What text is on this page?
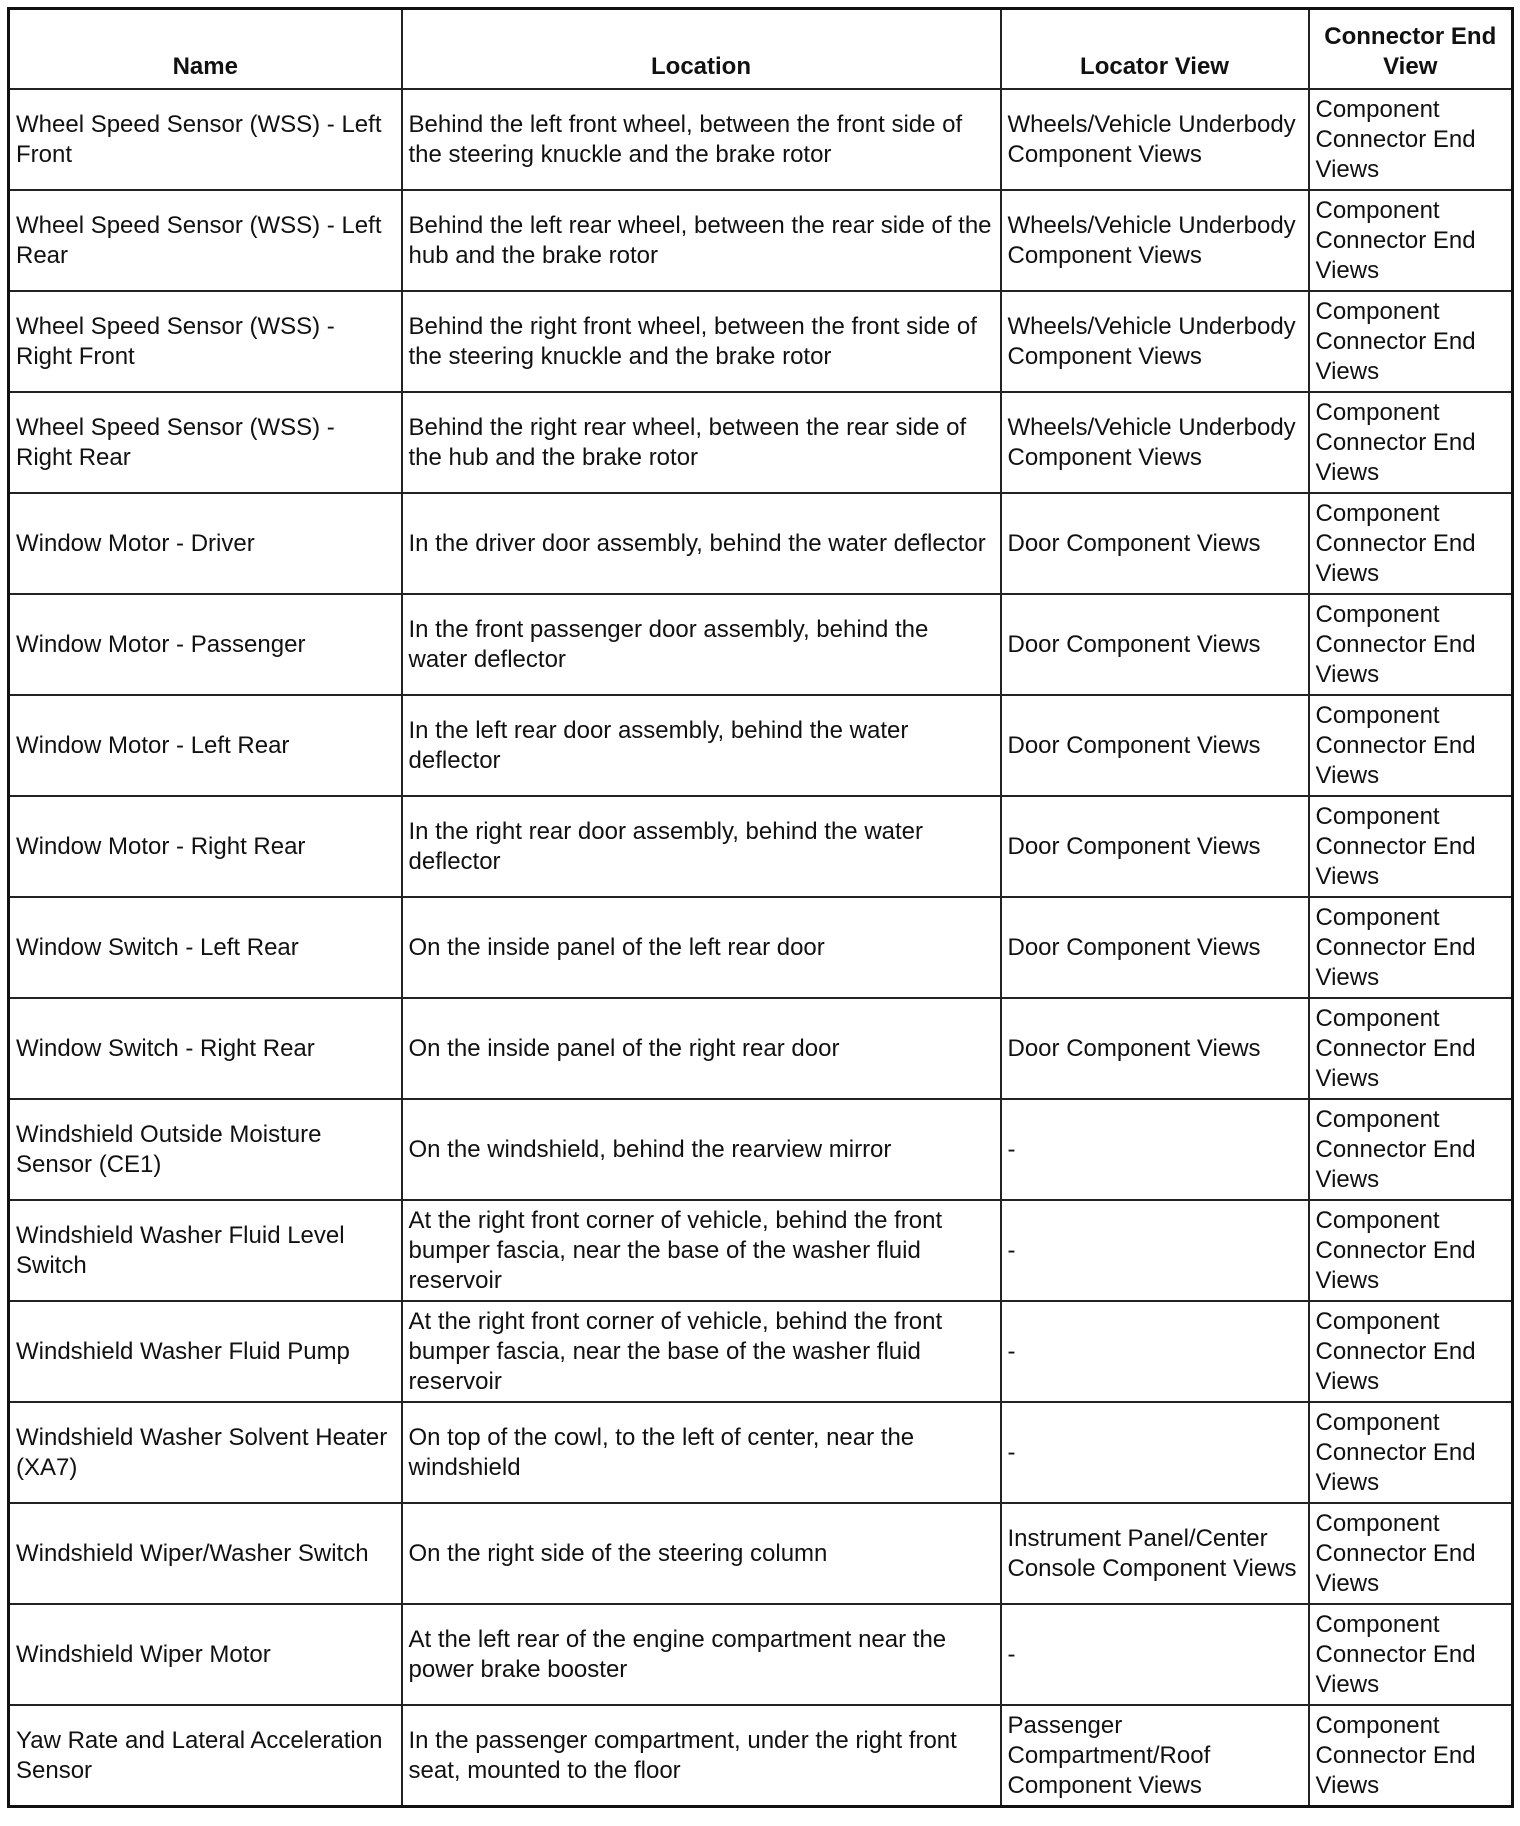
Name	Location	Locator View	Connector End View
Wheel Speed Sensor (WSS) - Left Front	Behind the left front wheel, between the front side of the steering knuckle and the brake rotor	Wheels/Vehicle Underbody Component Views	Component Connector End Views
Wheel Speed Sensor (WSS) - Left Rear	Behind the left rear wheel, between the rear side of the hub and the brake rotor	Wheels/Vehicle Underbody Component Views	Component Connector End Views
Wheel Speed Sensor (WSS) - Right Front	Behind the right front wheel, between the front side of the steering knuckle and the brake rotor	Wheels/Vehicle Underbody Component Views	Component Connector End Views
Wheel Speed Sensor (WSS) - Right Rear	Behind the right rear wheel, between the rear side of the hub and the brake rotor	Wheels/Vehicle Underbody Component Views	Component Connector End Views
Window Motor - Driver	In the driver door assembly, behind the water deflector	Door Component Views	Component Connector End Views
Window Motor - Passenger	In the front passenger door assembly, behind the water deflector	Door Component Views	Component Connector End Views
Window Motor - Left Rear	In the left rear door assembly, behind the water deflector	Door Component Views	Component Connector End Views
Window Motor - Right Rear	In the right rear door assembly, behind the water deflector	Door Component Views	Component Connector End Views
Window Switch - Left Rear	On the inside panel of the left rear door	Door Component Views	Component Connector End Views
Window Switch - Right Rear	On the inside panel of the right rear door	Door Component Views	Component Connector End Views
Windshield Outside Moisture Sensor (CE1)	On the windshield, behind the rearview mirror	-	Component Connector End Views
Windshield Washer Fluid Level Switch	At the right front corner of vehicle, behind the front bumper fascia, near the base of the washer fluid reservoir	-	Component Connector End Views
Windshield Washer Fluid Pump	At the right front corner of vehicle, behind the front bumper fascia, near the base of the washer fluid reservoir	-	Component Connector End Views
Windshield Washer Solvent Heater (XA7)	On top of the cowl, to the left of center, near the windshield	-	Component Connector End Views
Windshield Wiper/Washer Switch	On the right side of the steering column	Instrument Panel/Center Console Component Views	Component Connector End Views
Windshield Wiper Motor	At the left rear of the engine compartment near the power brake booster	-	Component Connector End Views
Yaw Rate and Lateral Acceleration Sensor	In the passenger compartment, under the right front seat, mounted to the floor	Passenger Compartment/Roof Component Views	Component Connector End Views
